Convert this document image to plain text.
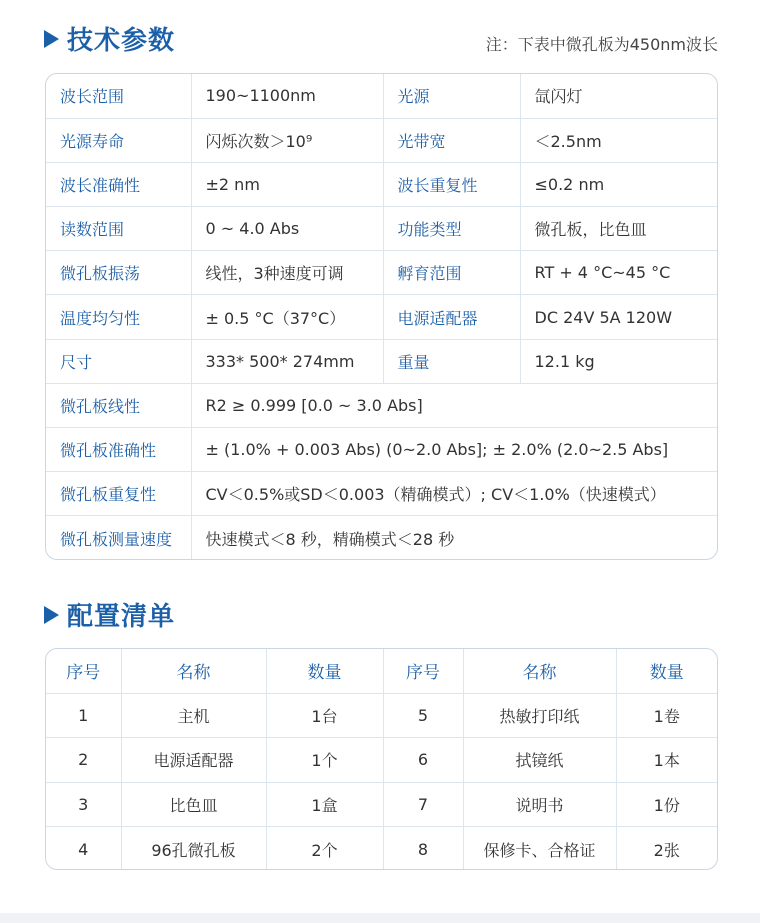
技术参数	注：下表中微孔板为450nm波长
波长范围	190~1100nm	光源	氙闪灯
光源寿命	闪烁次数＞10⁹	光带宽	＜2.5nm
波长准确性	±2 nm	波长重复性	≤0.2 nm
读数范围	0 ~ 4.0 Abs	功能类型	微孔板，比色皿
微孔板振荡	线性，3种速度可调	孵育范围	RT + 4 °C~45 °C
温度均匀性	± 0.5 °C（37°C）	电源适配器	DC 24V 5A 120W
尺寸	333* 500* 274mm	重量	12.1 kg
微孔板线性	R2 ≥ 0.999 [0.0 ~ 3.0 Abs]		
微孔板准确性	± (1.0% + 0.003 Abs) (0~2.0 Abs]; ± 2.0% (2.0~2.5 Abs]		
微孔板重复性	CV＜0.5%或SD＜0.003（精确模式）; CV＜1.0%（快速模式）		
微孔板测量速度	快速模式＜8 秒，精确模式＜28 秒		
配置清单
序号	名称	数量	序号	名称	数量
1	主机	1台	5	热敏打印纸	1卷
2	电源适配器	1个	6	拭镜纸	1本
3	比色皿	1盒	7	说明书	1份
4	96孔微孔板	2个	8	保修卡、合格证	2张
